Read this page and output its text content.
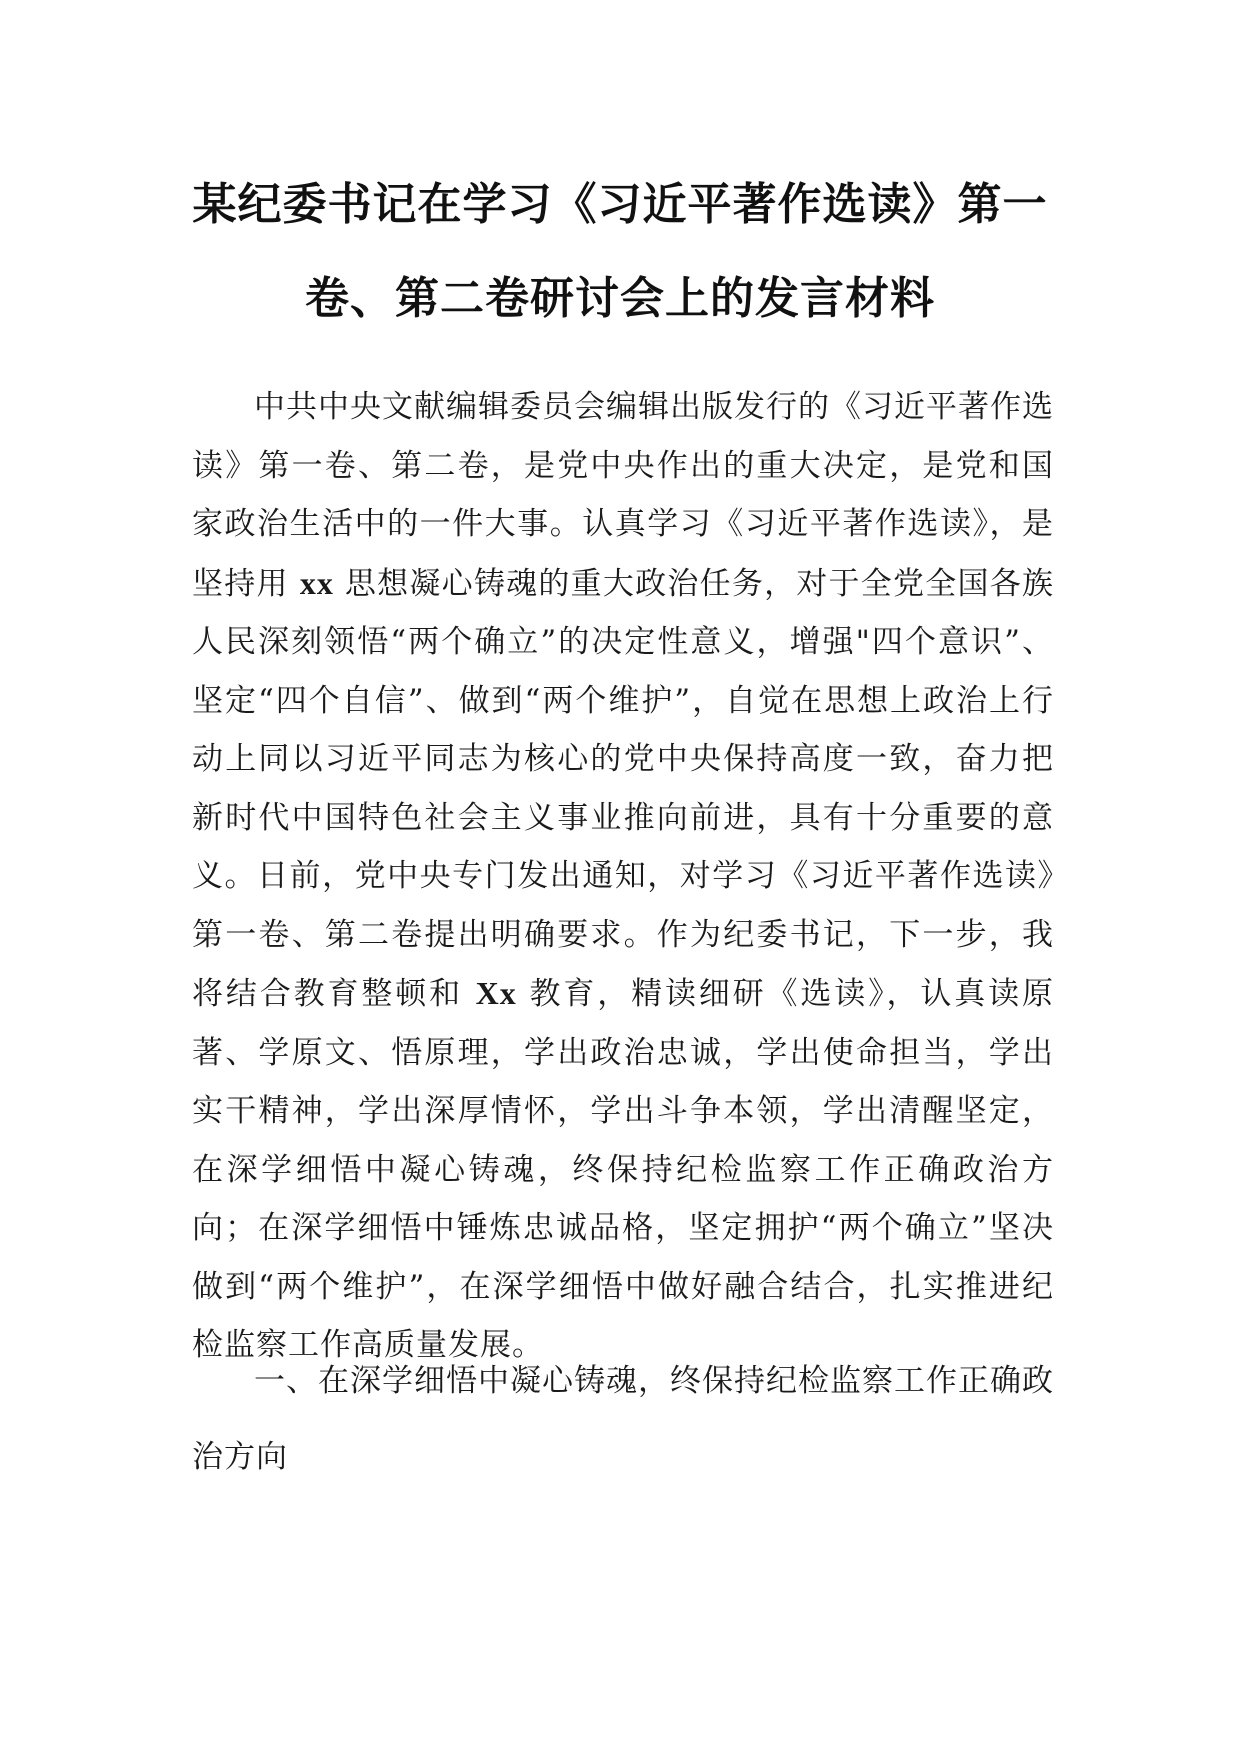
某纪委书记在学习《习近平著作选读》第一
卷、第二卷研讨会上的发言材料

中共中央文献编辑委员会编辑出版发行的《习近平著作选读》第一卷、第二卷，是党中央作出的重大决定，是党和国家政治生活中的一件大事。认真学习《习近平著作选读》，是坚持用 xx 思想凝心铸魂的重大政治任务，对于全党全国各族人民深刻领悟“两个确立”的决定性意义，增强"四个意识”、坚定“四个自信”、做到“两个维护”，自觉在思想上政治上行动上同以习近平同志为核心的党中央保持高度一致，奋力把新时代中国特色社会主义事业推向前进，具有十分重要的意义。日前，党中央专门发出通知，对学习《习近平著作选读》第一卷、第二卷提出明确要求。作为纪委书记，下一步，我将结合教育整顿和 Xx 教育，精读细研《选读》，认真读原著、学原文、悟原理，学出政治忠诚，学出使命担当，学出实干精神，学出深厚情怀，学出斗争本领，学出清醒坚定，在深学细悟中凝心铸魂，终保持纪检监察工作正确政治方向；在深学细悟中锤炼忠诚品格，坚定拥护“两个确立”坚决做到“两个维护”，在深学细悟中做好融合结合，扎实推进纪检监察工作高质量发展。

一、在深学细悟中凝心铸魂，终保持纪检监察工作正确政治方向
